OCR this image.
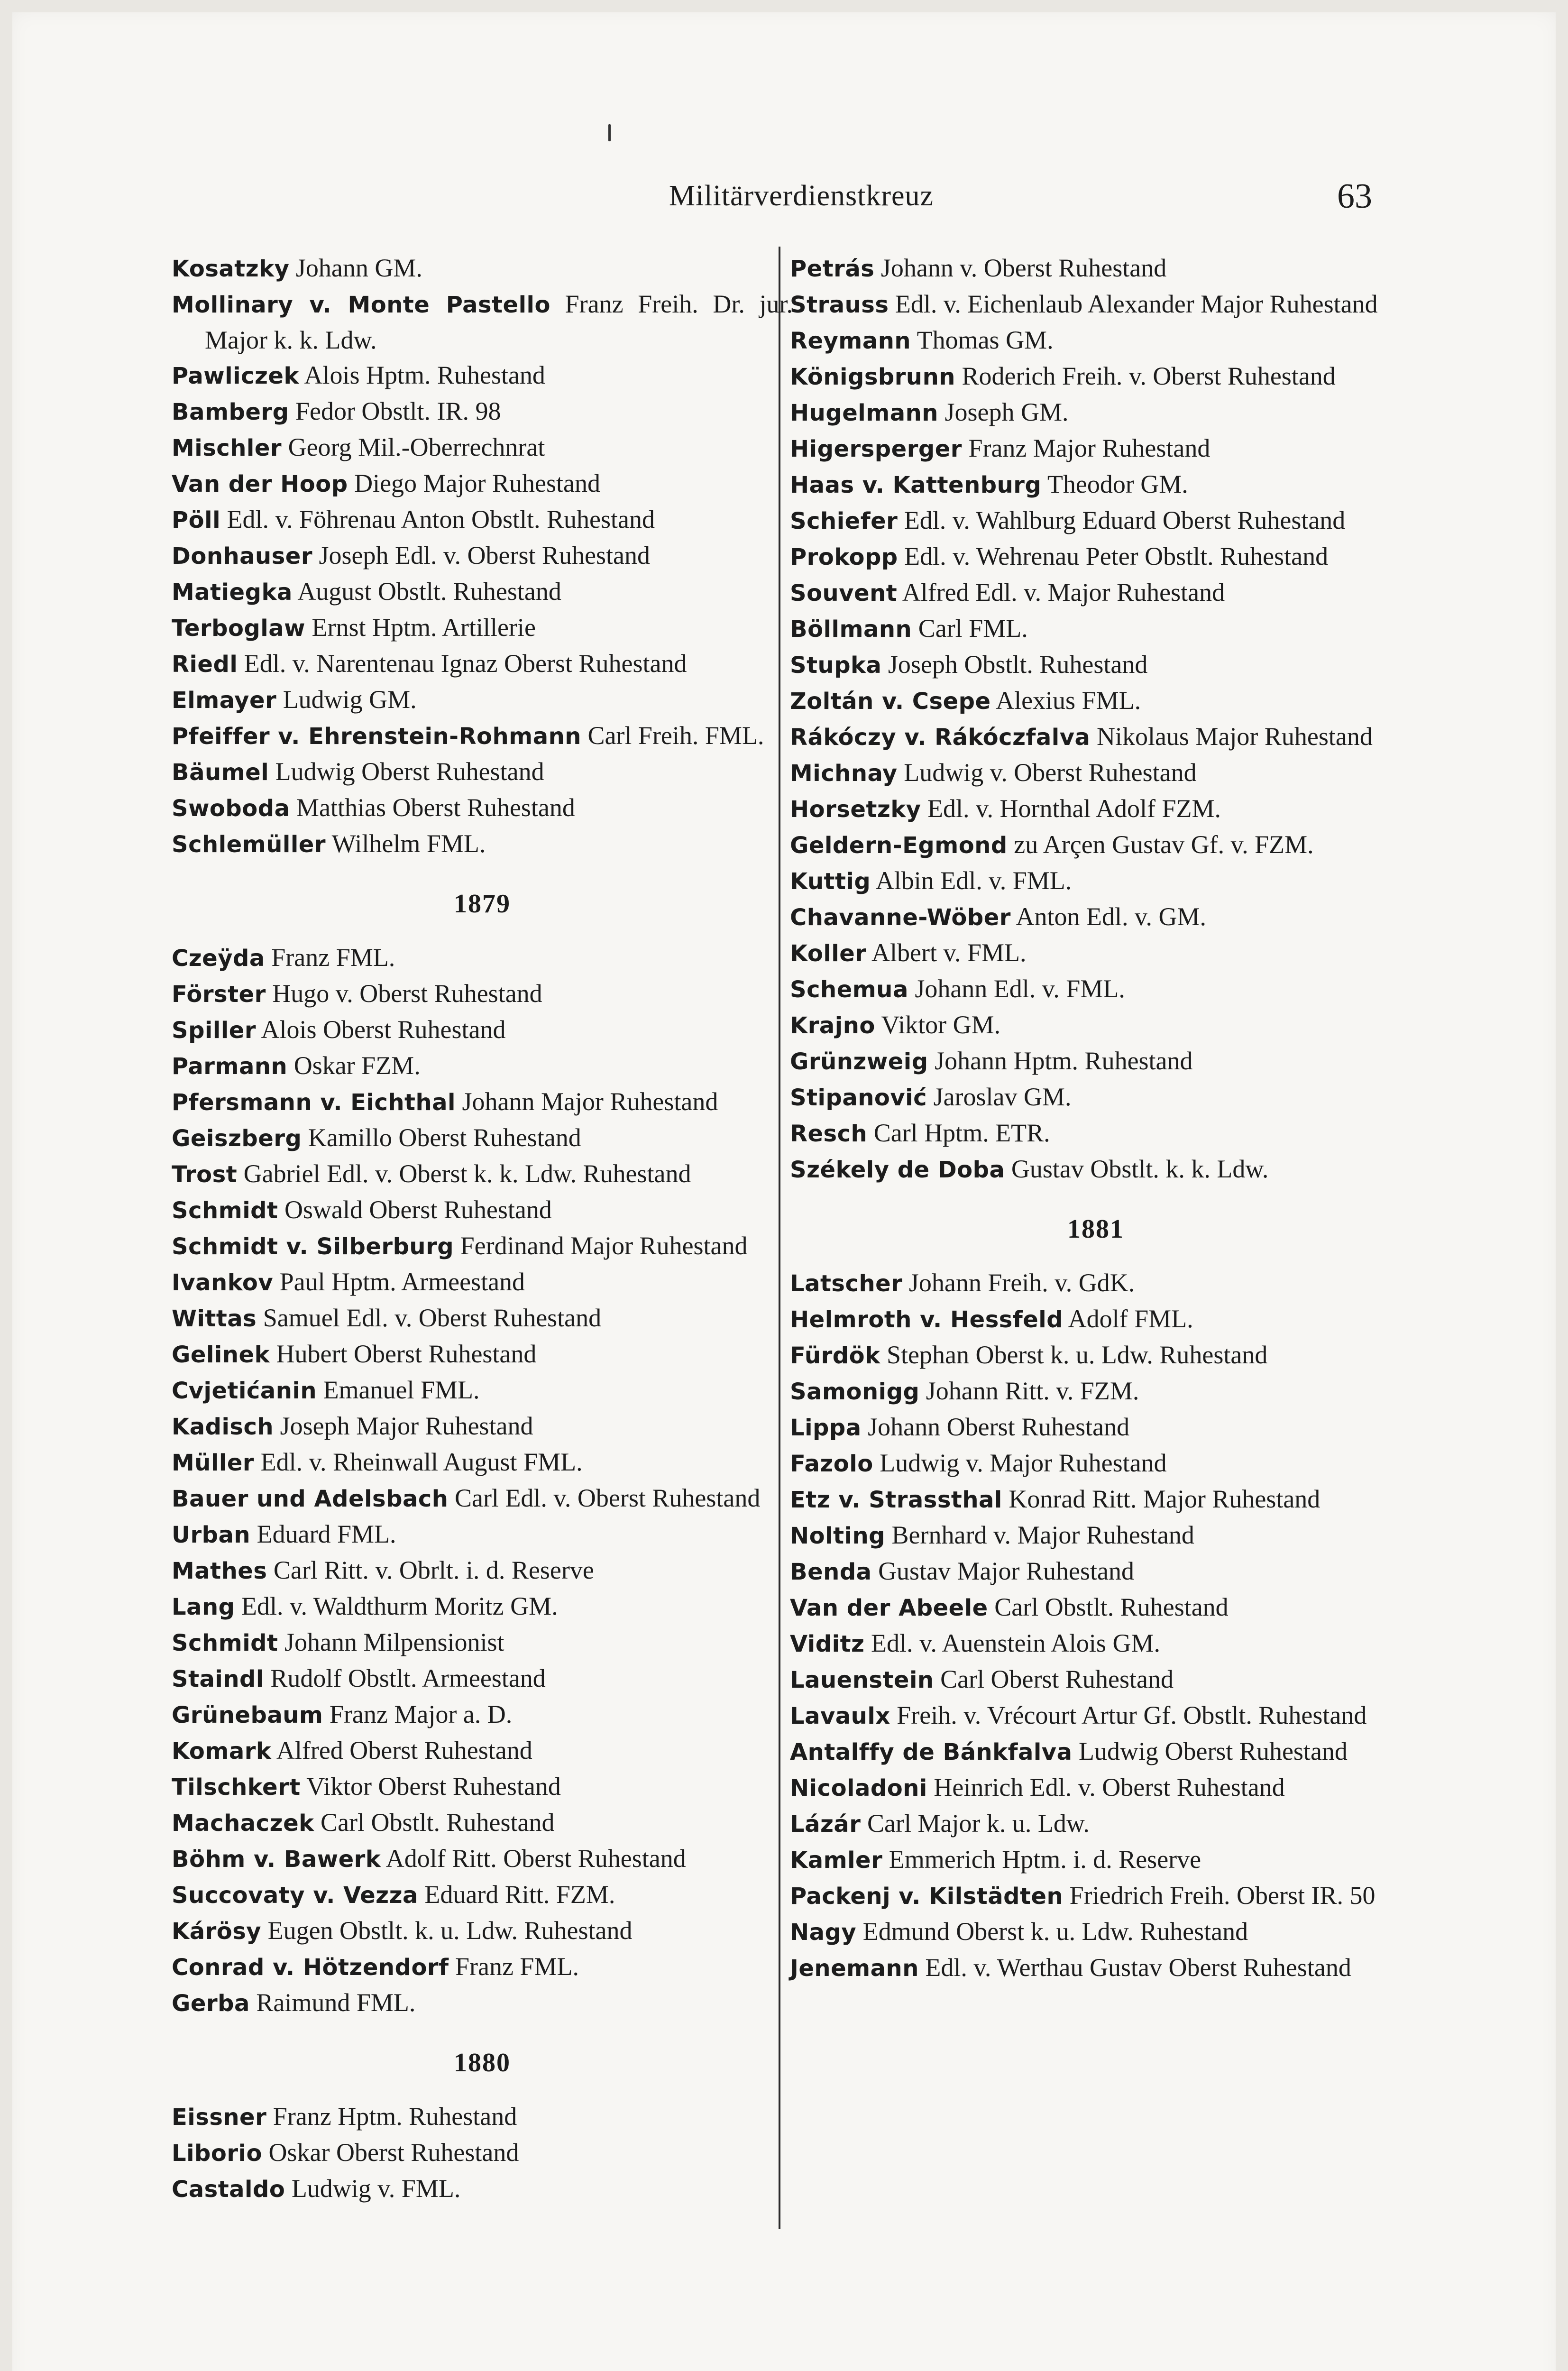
Militärverdienstkreuz	63
Kosatzky Johann GM.
Mollinary v. Monte Pastello Franz Freih. Dr. jur. Major k. k. Ldw.
Pawliczek Alois Hptm. Ruhestand
Bamberg Fedor Obstlt. IR. 98
Mischler Georg Mil.-Oberrechnrat
Van der Hoop Diego Major Ruhestand
Pöll Edl. v. Föhrenau Anton Obstlt. Ruhestand
Donhauser Joseph Edl. v. Oberst Ruhestand
Matiegka August Obstlt. Ruhestand
Terboglaw Ernst Hptm. Artillerie
Riedl Edl. v. Narentenau Ignaz Oberst Ruhestand
Elmayer Ludwig GM.
Pfeiffer v. Ehrenstein-Rohmann Carl Freih. FML.
Bäumel Ludwig Oberst Ruhestand
Swoboda Matthias Oberst Ruhestand
Schlemüller Wilhelm FML.
1879
Czeÿda Franz FML.
Förster Hugo v. Oberst Ruhestand
Spiller Alois Oberst Ruhestand
Parmann Oskar FZM.
Pfersmann v. Eichthal Johann Major Ruhestand
Geiszberg Kamillo Oberst Ruhestand
Trost Gabriel Edl. v. Oberst k. k. Ldw. Ruhestand
Schmidt Oswald Oberst Ruhestand
Schmidt v. Silberburg Ferdinand Major Ruhestand
Ivankov Paul Hptm. Armeestand
Wittas Samuel Edl. v. Oberst Ruhestand
Gelinek Hubert Oberst Ruhestand
Cvjetićanin Emanuel FML.
Kadisch Joseph Major Ruhestand
Müller Edl. v. Rheinwall August FML.
Bauer und Adelsbach Carl Edl. v. Oberst Ruhestand
Urban Eduard FML.
Mathes Carl Ritt. v. Obrlt. i. d. Reserve
Lang Edl. v. Waldthurm Moritz GM.
Schmidt Johann Milpensionist
Staindl Rudolf Obstlt. Armeestand
Grünebaum Franz Major a. D.
Komark Alfred Oberst Ruhestand
Tilschkert Viktor Oberst Ruhestand
Machaczek Carl Obstlt. Ruhestand
Böhm v. Bawerk Adolf Ritt. Oberst Ruhestand
Succovaty v. Vezza Eduard Ritt. FZM.
Kárösy Eugen Obstlt. k. u. Ldw. Ruhestand
Conrad v. Hötzendorf Franz FML.
Gerba Raimund FML.
1880
Eissner Franz Hptm. Ruhestand
Liborio Oskar Oberst Ruhestand
Castaldo Ludwig v. FML.
Petrás Johann v. Oberst Ruhestand
Strauss Edl. v. Eichenlaub Alexander Major Ruhestand
Reymann Thomas GM.
Königsbrunn Roderich Freih. v. Oberst Ruhestand
Hugelmann Joseph GM.
Higersperger Franz Major Ruhestand
Haas v. Kattenburg Theodor GM.
Schiefer Edl. v. Wahlburg Eduard Oberst Ruhestand
Prokopp Edl. v. Wehrenau Peter Obstlt. Ruhestand
Souvent Alfred Edl. v. Major Ruhestand
Böllmann Carl FML.
Stupka Joseph Obstlt. Ruhestand
Zoltán v. Csepe Alexius FML.
Rákóczy v. Rákóczfalva Nikolaus Major Ruhestand
Michnay Ludwig v. Oberst Ruhestand
Horsetzky Edl. v. Hornthal Adolf FZM.
Geldern-Egmond zu Arçen Gustav Gf. v. FZM.
Kuttig Albin Edl. v. FML.
Chavanne-Wöber Anton Edl. v. GM.
Koller Albert v. FML.
Schemua Johann Edl. v. FML.
Krajno Viktor GM.
Grünzweig Johann Hptm. Ruhestand
Stipanović Jaroslav GM.
Resch Carl Hptm. ETR.
Székely de Doba Gustav Obstlt. k. k. Ldw.
1881
Latscher Johann Freih. v. GdK.
Helmroth v. Hessfeld Adolf FML.
Fürdök Stephan Oberst k. u. Ldw. Ruhestand
Samonigg Johann Ritt. v. FZM.
Lippa Johann Oberst Ruhestand
Fazolo Ludwig v. Major Ruhestand
Etz v. Strassthal Konrad Ritt. Major Ruhestand
Nolting Bernhard v. Major Ruhestand
Benda Gustav Major Ruhestand
Van der Abeele Carl Obstlt. Ruhestand
Viditz Edl. v. Auenstein Alois GM.
Lauenstein Carl Oberst Ruhestand
Lavaulx Freih. v. Vrécourt Artur Gf. Obstlt. Ruhestand
Antalffy de Bánkfalva Ludwig Oberst Ruhestand
Nicoladoni Heinrich Edl. v. Oberst Ruhestand
Lázár Carl Major k. u. Ldw.
Kamler Emmerich Hptm. i. d. Reserve
Packenj v. Kilstädten Friedrich Freih. Oberst IR. 50
Nagy Edmund Oberst k. u. Ldw. Ruhestand
Jenemann Edl. v. Werthau Gustav Oberst Ruhestand
